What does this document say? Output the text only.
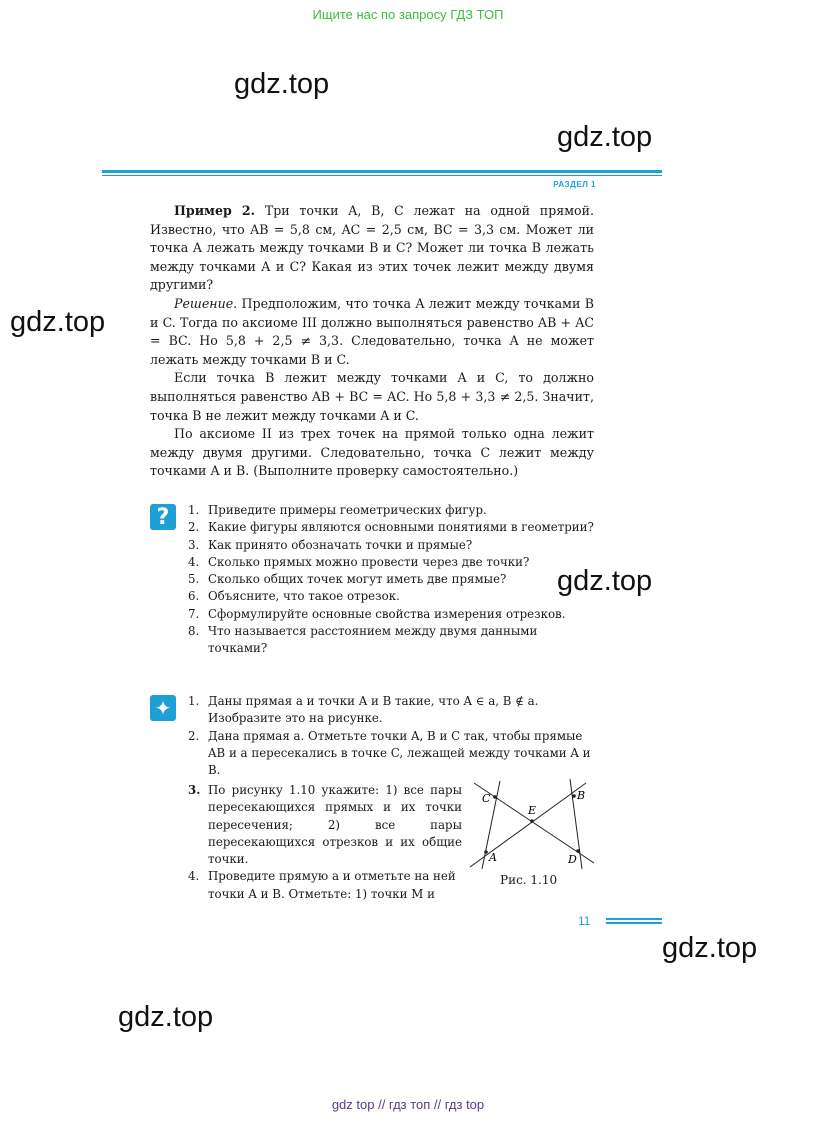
Ищите нас по запросу ГДЗ ТОП
gdz.top
gdz.top
gdz.top
gdz.top
gdz.top
gdz.top
РАЗДЕЛ 1

Пример 2. Три точки A, B, C лежат на одной прямой. Известно, что AB = 5,8 см, AC = 2,5 см, BC = 3,3 см. Может ли точка A лежать между точками B и C? Может ли точка B лежать между точками A и C? Какая из этих точек лежит между двумя другими?

Решение. Предположим, что точка A лежит между точками B и C. Тогда по аксиоме III должно выполняться равенство AB + AC = BC. Но 5,8 + 2,5 ≠ 3,3. Следовательно, точка A не может лежать между точками B и C.

Если точка B лежит между точками A и C, то должно выполняться равенство AB + BC = AC. Но 5,8 + 3,3 ≠ 2,5. Значит, точка B не лежит между точками A и C.

По аксиоме II из трех точек на прямой только одна лежит между двумя другими. Следовательно, точка C лежит между точками A и B. (Выполните проверку самостоятельно.)

?	1. Приведите примеры геометрических фигур.
2. Какие фигуры являются основными понятиями в геометрии?
3. Как принято обозначать точки и прямые?
4. Сколько прямых можно провести через две точки?
5. Сколько общих точек могут иметь две прямые?
6. Объясните, что такое отрезок.
7. Сформулируйте основные свойства измерения отрезков.
8. Что называется расстоянием между двумя данными точками?
✦	1. Даны прямая a и точки A и B такие, что A ∈ a, B ∉ a. Изобразите это на рисунке.
2. Дана прямая a. Отметьте точки A, B и C так, чтобы прямые AB и a пересекались в точке C, лежащей между точками A и B.
3. По рисунку 1.10 укажите: 1) все пары пересекающихся прямых и их точки пересечения; 2) все пары пересекающихся отрезков и их общие точки.
4. Проведите прямую a и отметьте на ней точки A и B. Отметьте: 1) точки M и
C
E
B
A	D
Рис. 1.10
11
gdz top // гдз топ // гдз top
